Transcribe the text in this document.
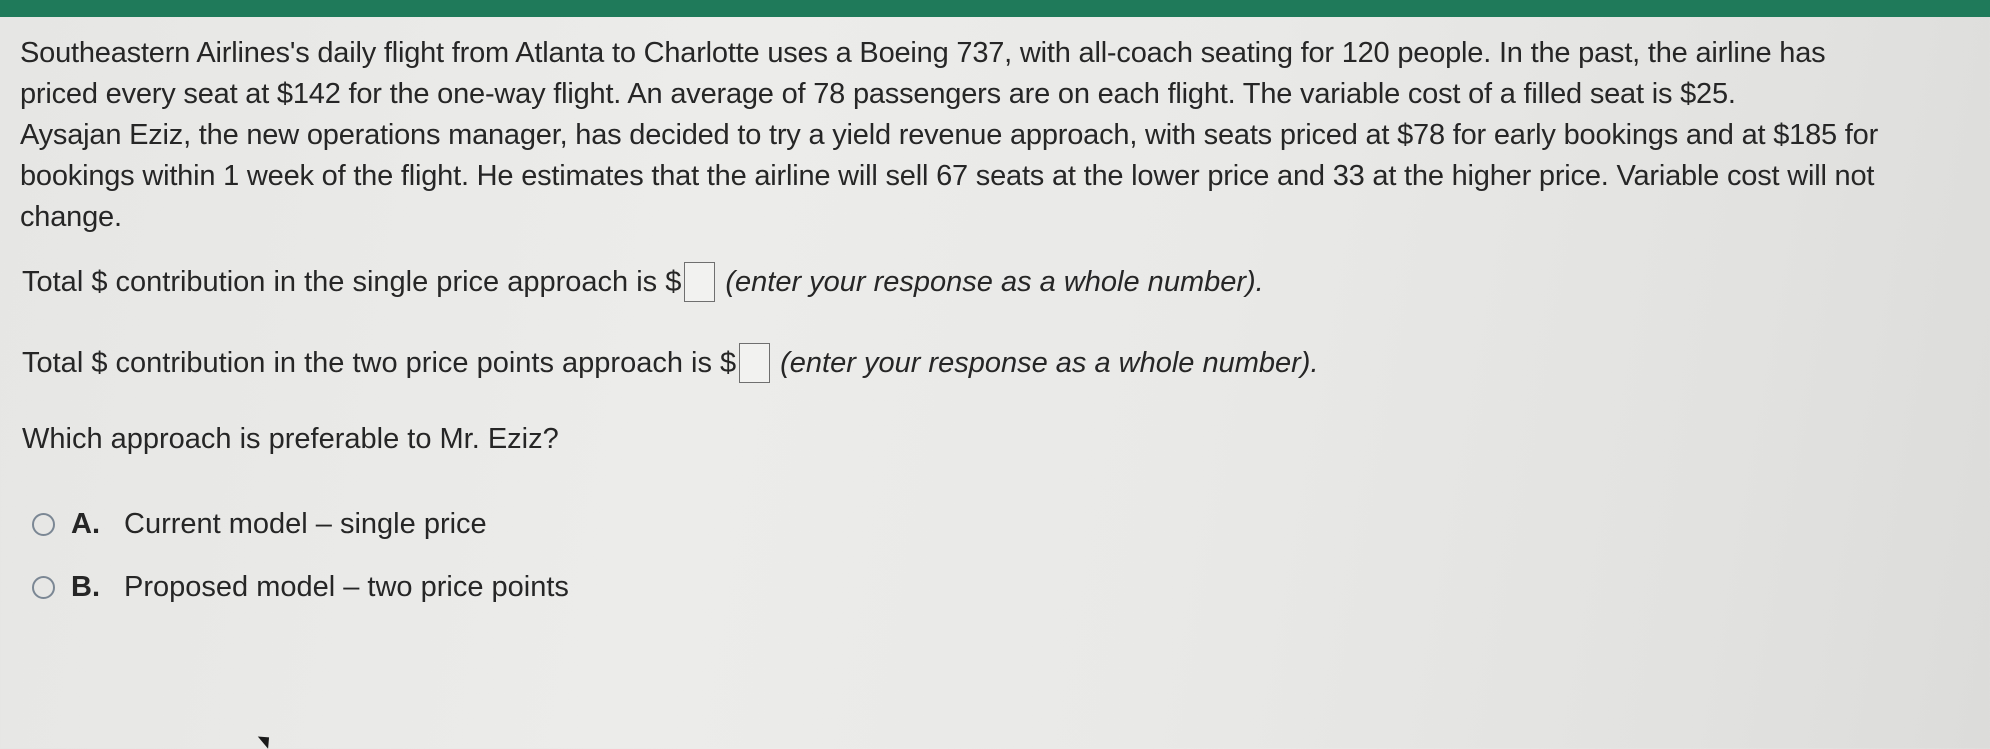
Southeastern Airlines's daily flight from Atlanta to Charlotte uses a Boeing 737, with all-coach seating for 120 people. In the past, the airline has
priced every seat at $142 for the one-way flight. An average of 78 passengers are on each flight. The variable cost of a filled seat is $25.
Aysajan Eziz, the new operations manager, has decided to try a yield revenue approach, with seats priced at $78 for early bookings and at $185 for
bookings within 1 week of the flight. He estimates that the airline will sell 67 seats at the lower price and 33 at the higher price. Variable cost will not
change.
Total $ contribution in the single price approach is $ (enter your response as a whole number).
Total $ contribution in the two price points approach is $ (enter your response as a whole number).
Which approach is preferable to Mr. Eziz?
A. Current model – single price
B. Proposed model – two price points
